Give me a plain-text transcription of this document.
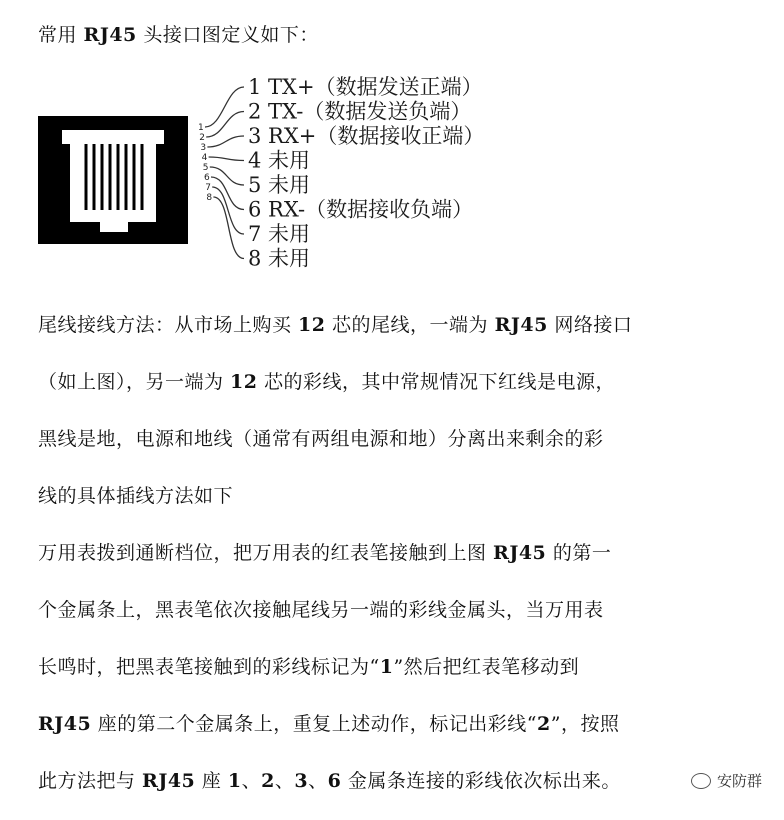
常用 RJ45 头接口图定义如下：
1
2
3
4
5
6
7
8
1 TX+（数据发送正端）
2 TX-（数据发送负端）
3 RX+（数据接收正端）
4 未用
5 未用
6 RX-（数据接收负端）
7 未用
8 未用
尾线接线方法：从市场上购买 12 芯的尾线，一端为 RJ45 网络接口
（如上图），另一端为 12 芯的彩线，其中常规情况下红线是电源，
黑线是地，电源和地线（通常有两组电源和地）分离出来剩余的彩
线的具体插线方法如下
万用表拨到通断档位，把万用表的红表笔接触到上图 RJ45 的第一
个金属条上，黑表笔依次接触尾线另一端的彩线金属头，当万用表
长鸣时，把黑表笔接触到的彩线标记为“1”然后把红表笔移动到
RJ45 座的第二个金属条上，重复上述动作，标记出彩线“2”，按照
此方法把与 RJ45 座 1、2、3、6 金属条连接的彩线依次标出来。	安防群
